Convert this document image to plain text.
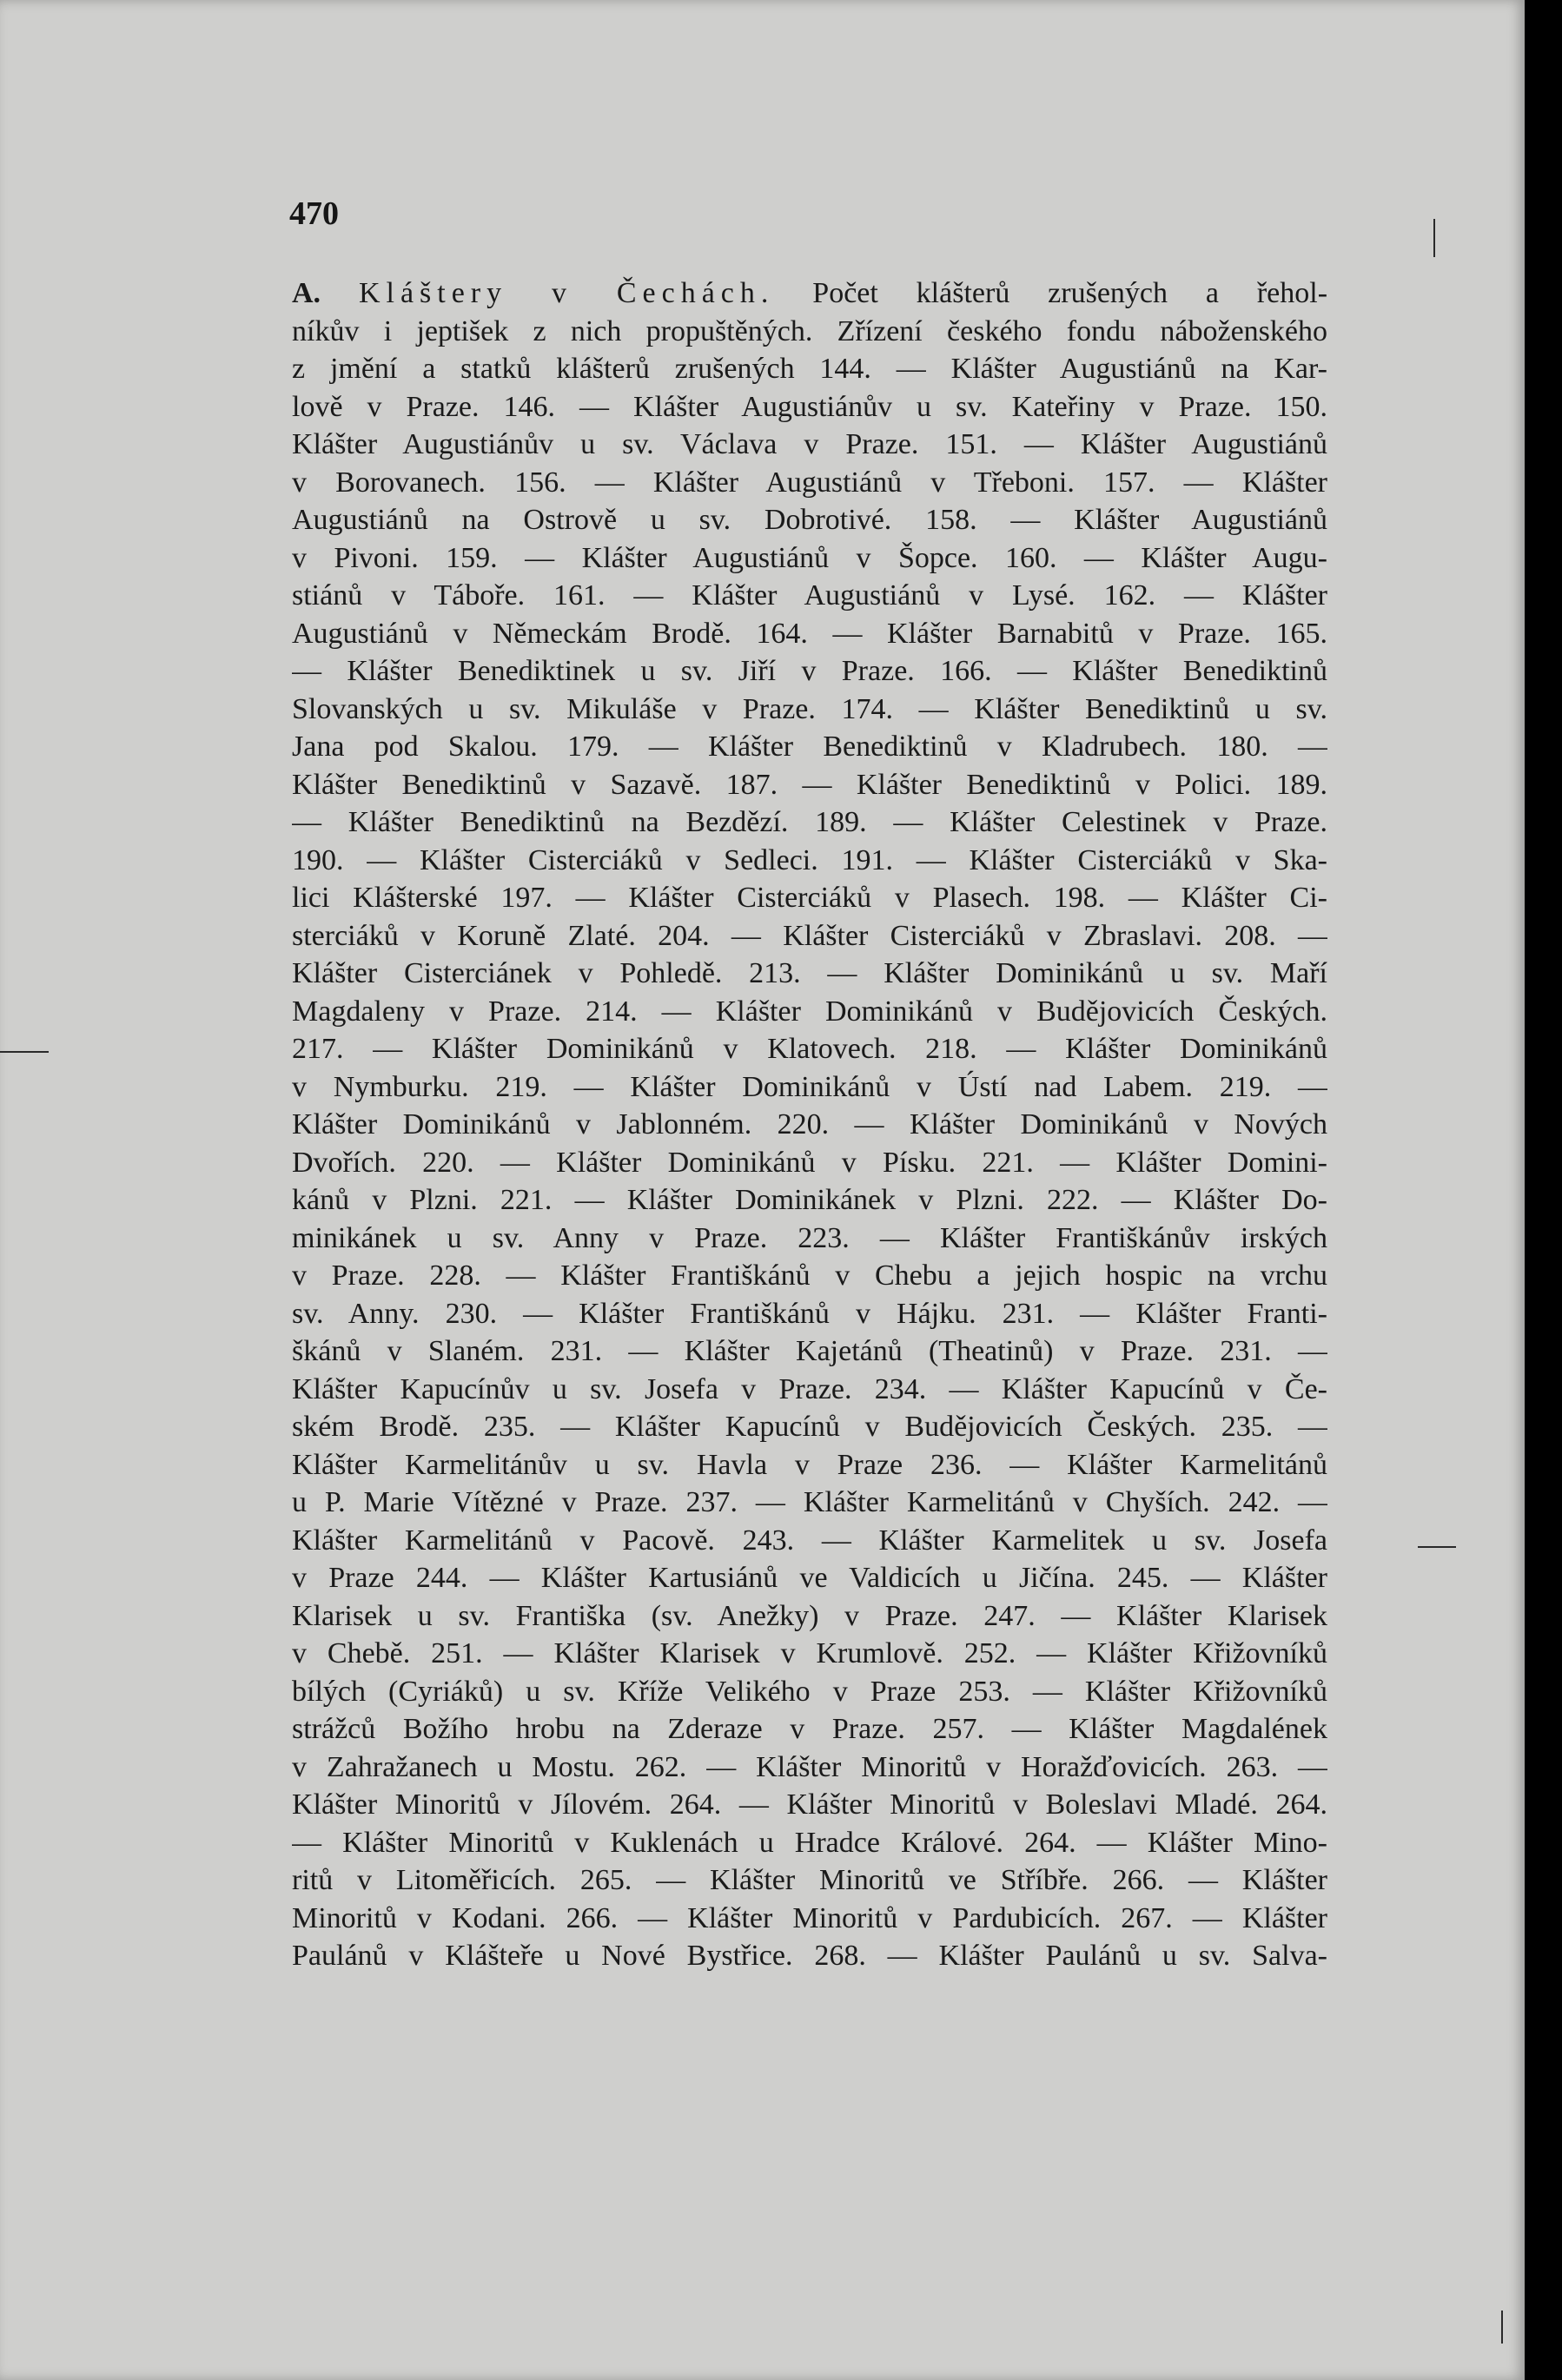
470
A. Kláštery v Čechách. Počet klášterů zrušených a řehol-
níkův i jeptišek z nich propuštěných. Zřízení českého fondu náboženského
z jmění a statků klášterů zrušených 144. — Klášter Augustiánů na Kar-
lově v Praze. 146. — Klášter Augustiánův u sv. Kateřiny v Praze. 150.
Klášter Augustiánův u sv. Václava v Praze. 151. — Klášter Augustiánů
v Borovanech. 156. — Klášter Augustiánů v Třeboni. 157. — Klášter
Augustiánů na Ostrově u sv. Dobrotivé. 158. — Klášter Augustiánů
v Pivoni. 159. — Klášter Augustiánů v Šopce. 160. — Klášter Augu-
stiánů v Táboře. 161. — Klášter Augustiánů v Lysé. 162. — Klášter
Augustiánů v Německám Brodě. 164. — Klášter Barnabitů v Praze. 165.
— Klášter Benediktinek u sv. Jiří v Praze. 166. — Klášter Benediktinů
Slovanských u sv. Mikuláše v Praze. 174. — Klášter Benediktinů u sv.
Jana pod Skalou. 179. — Klášter Benediktinů v Kladrubech. 180. —
Klášter Benediktinů v Sazavě. 187. — Klášter Benediktinů v Polici. 189.
— Klášter Benediktinů na Bezdězí. 189. — Klášter Celestinek v Praze.
190. — Klášter Cisterciáků v Sedleci. 191. — Klášter Cisterciáků v Ska-
lici Klášterské 197. — Klášter Cisterciáků v Plasech. 198. — Klášter Ci-
sterciáků v Koruně Zlaté. 204. — Klášter Cisterciáků v Zbraslavi. 208. —
Klášter Cisterciánek v Pohledě. 213. — Klášter Dominikánů u sv. Maří
Magdaleny v Praze. 214. — Klášter Dominikánů v Budějovicích Českých.
217. — Klášter Dominikánů v Klatovech. 218. — Klášter Dominikánů
v Nymburku. 219. — Klášter Dominikánů v Ústí nad Labem. 219. —
Klášter Dominikánů v Jablonném. 220. — Klášter Dominikánů v Nových
Dvořích. 220. — Klášter Dominikánů v Písku. 221. — Klášter Domini-
kánů v Plzni. 221. — Klášter Dominikánek v Plzni. 222. — Klášter Do-
minikánek u sv. Anny v Praze. 223. — Klášter Františkánův irských
v Praze. 228. — Klášter Františkánů v Chebu a jejich hospic na vrchu
sv. Anny. 230. — Klášter Františkánů v Hájku. 231. — Klášter Franti-
škánů v Slaném. 231. — Klášter Kajetánů (Theatinů) v Praze. 231. —
Klášter Kapucínův u sv. Josefa v Praze. 234. — Klášter Kapucínů v Če-
ském Brodě. 235. — Klášter Kapucínů v Budějovicích Českých. 235. —
Klášter Karmelitánův u sv. Havla v Praze 236. — Klášter Karmelitánů
u P. Marie Vítězné v Praze. 237. — Klášter Karmelitánů v Chyších. 242. —
Klášter Karmelitánů v Pacově. 243. — Klášter Karmelitek u sv. Josefa
v Praze 244. — Klášter Kartusiánů ve Valdicích u Jičína. 245. — Klášter
Klarisek u sv. Františka (sv. Anežky) v Praze. 247. — Klášter Klarisek
v Chebě. 251. — Klášter Klarisek v Krumlově. 252. — Klášter Křižovníků
bílých (Cyriáků) u sv. Kříže Velikého v Praze 253. — Klášter Křižovníků
strážců Božího hrobu na Zderaze v Praze. 257. — Klášter Magdalének
v Zahražanech u Mostu. 262. — Klášter Minoritů v Horažďovicích. 263. —
Klášter Minoritů v Jílovém. 264. — Klášter Minoritů v Boleslavi Mladé. 264.
— Klášter Minoritů v Kuklenách u Hradce Králové. 264. — Klášter Mino-
ritů v Litoměřicích. 265. — Klášter Minoritů ve Stříbře. 266. — Klášter
Minoritů v Kodani. 266. — Klášter Minoritů v Pardubicích. 267. — Klášter
Paulánů v Klášteře u Nové Bystřice. 268. — Klášter Paulánů u sv. Salva-
